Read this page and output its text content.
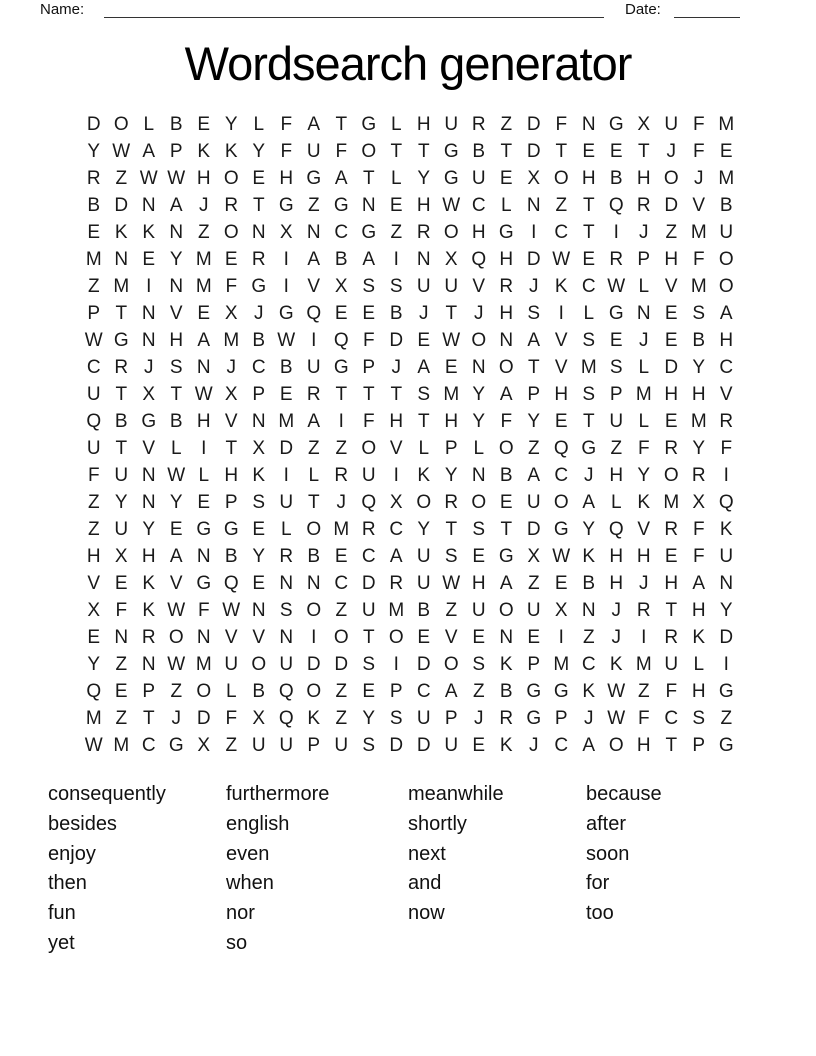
Name:	Date:
Wordsearch generator
D O L B E Y L F A T G L H U R Z D F N G X U F M
Y W A P K K Y F U F O T T G B T D T E E T J F E
R Z W W H O E H G A T L Y G U E X O H B H O J M
B D N A J R T G Z G N E H W C L N Z T Q R D V B
E K K N Z O N X N C G Z R O H G I C T	I	J Z M U
M N E Y M E R I A B A I N X Q H D W E R P H F O
Z M I N M F G I V X S S U U V R J K C W L V M O
P T N V E X J G Q E E B J T J H S I	L G N E S A
W G N H A M B W I Q F D E W O N A V S E J E B H
C R J S N J C B U G P J A E N O T V M S L D Y C
U T X T W X P E R T T T S M Y A P H S P M H H V
Q B G B H V N M A I	F H T H Y F Y E T U L E M R
U T V L	I	T X D Z Z O V L P L O Z Q G Z F R Y F
F U N W L H K I	L R U I K Y N B A C J H Y O R I
Z Y N Y E P S U T J Q X O R O E U O A L K M X Q
Z U Y E G G E L O M R C Y T S T D G Y Q V R F K
H X H A N B Y R B E C A U S E G X W K H H E F U
V E K V G Q E N N C D R U W H A Z E B H J H A N
X F K W F W N S O Z U M B Z U O U X N J R T H Y
E N R O N V V N I O T O E V E N E I	Z J	I R K D
Y Z N W M U O U D D S I D O S K P M C K M U L	I
Q E P Z O L B Q O Z E P C A Z B G G K W Z F H G
M Z T J D F X Q K Z Y S U P J R G P J W F C S Z
W M C G X Z U U P U S D D U E K J C A O H T P G
consequently
besides
enjoy
then
fun
yet
furthermore
english
even
when
nor
so
meanwhile
shortly
next
and
now
because
after
soon
for
too
